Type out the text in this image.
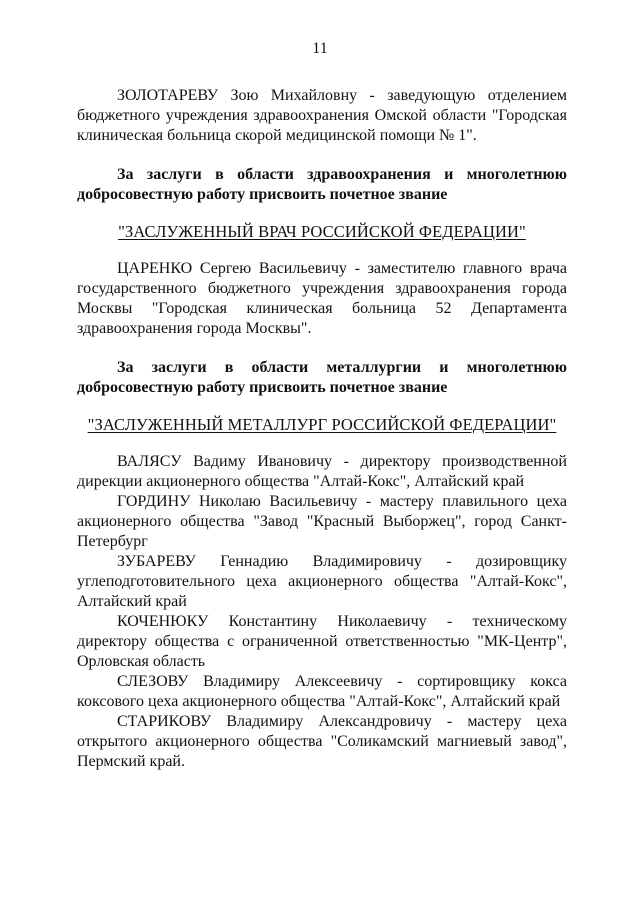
11

ЗОЛОТАРЕВУ Зою Михайловну - заведующую отделением бюджетного учреждения здравоохранения Омской области "Городская клиническая больница скорой медицинской помощи № 1".

За заслуги в области здравоохранения и многолетнюю добросовестную работу присвоить почетное звание

"ЗАСЛУЖЕННЫЙ ВРАЧ РОССИЙСКОЙ ФЕДЕРАЦИИ"

ЦАРЕНКО Сергею Васильевичу - заместителю главного врача государственного бюджетного учреждения здравоохранения города Москвы "Городская клиническая больница 52 Департамента здравоохранения города Москвы".

За заслуги в области металлургии и многолетнюю добросовестную работу присвоить почетное звание

"ЗАСЛУЖЕННЫЙ МЕТАЛЛУРГ РОССИЙСКОЙ ФЕДЕРАЦИИ"

ВАЛЯСУ Вадиму Ивановичу - директору производственной дирекции акционерного общества "Алтай-Кокс", Алтайский край

ГОРДИНУ Николаю Васильевичу - мастеру плавильного цеха акционерного общества "Завод "Красный Выборжец", город Санкт-Петербург

ЗУБАРЕВУ Геннадию Владимировичу - дозировщику углеподготовительного цеха акционерного общества "Алтай-Кокс", Алтайский край

КОЧЕНЮКУ Константину Николаевичу - техническому директору общества с ограниченной ответственностью "МК-Центр", Орловская область

СЛЕЗОВУ Владимиру Алексеевичу - сортировщику кокса коксового цеха акционерного общества "Алтай-Кокс", Алтайский край

СТАРИКОВУ Владимиру Александровичу - мастеру цеха открытого акционерного общества "Соликамский магниевый завод", Пермский край.
